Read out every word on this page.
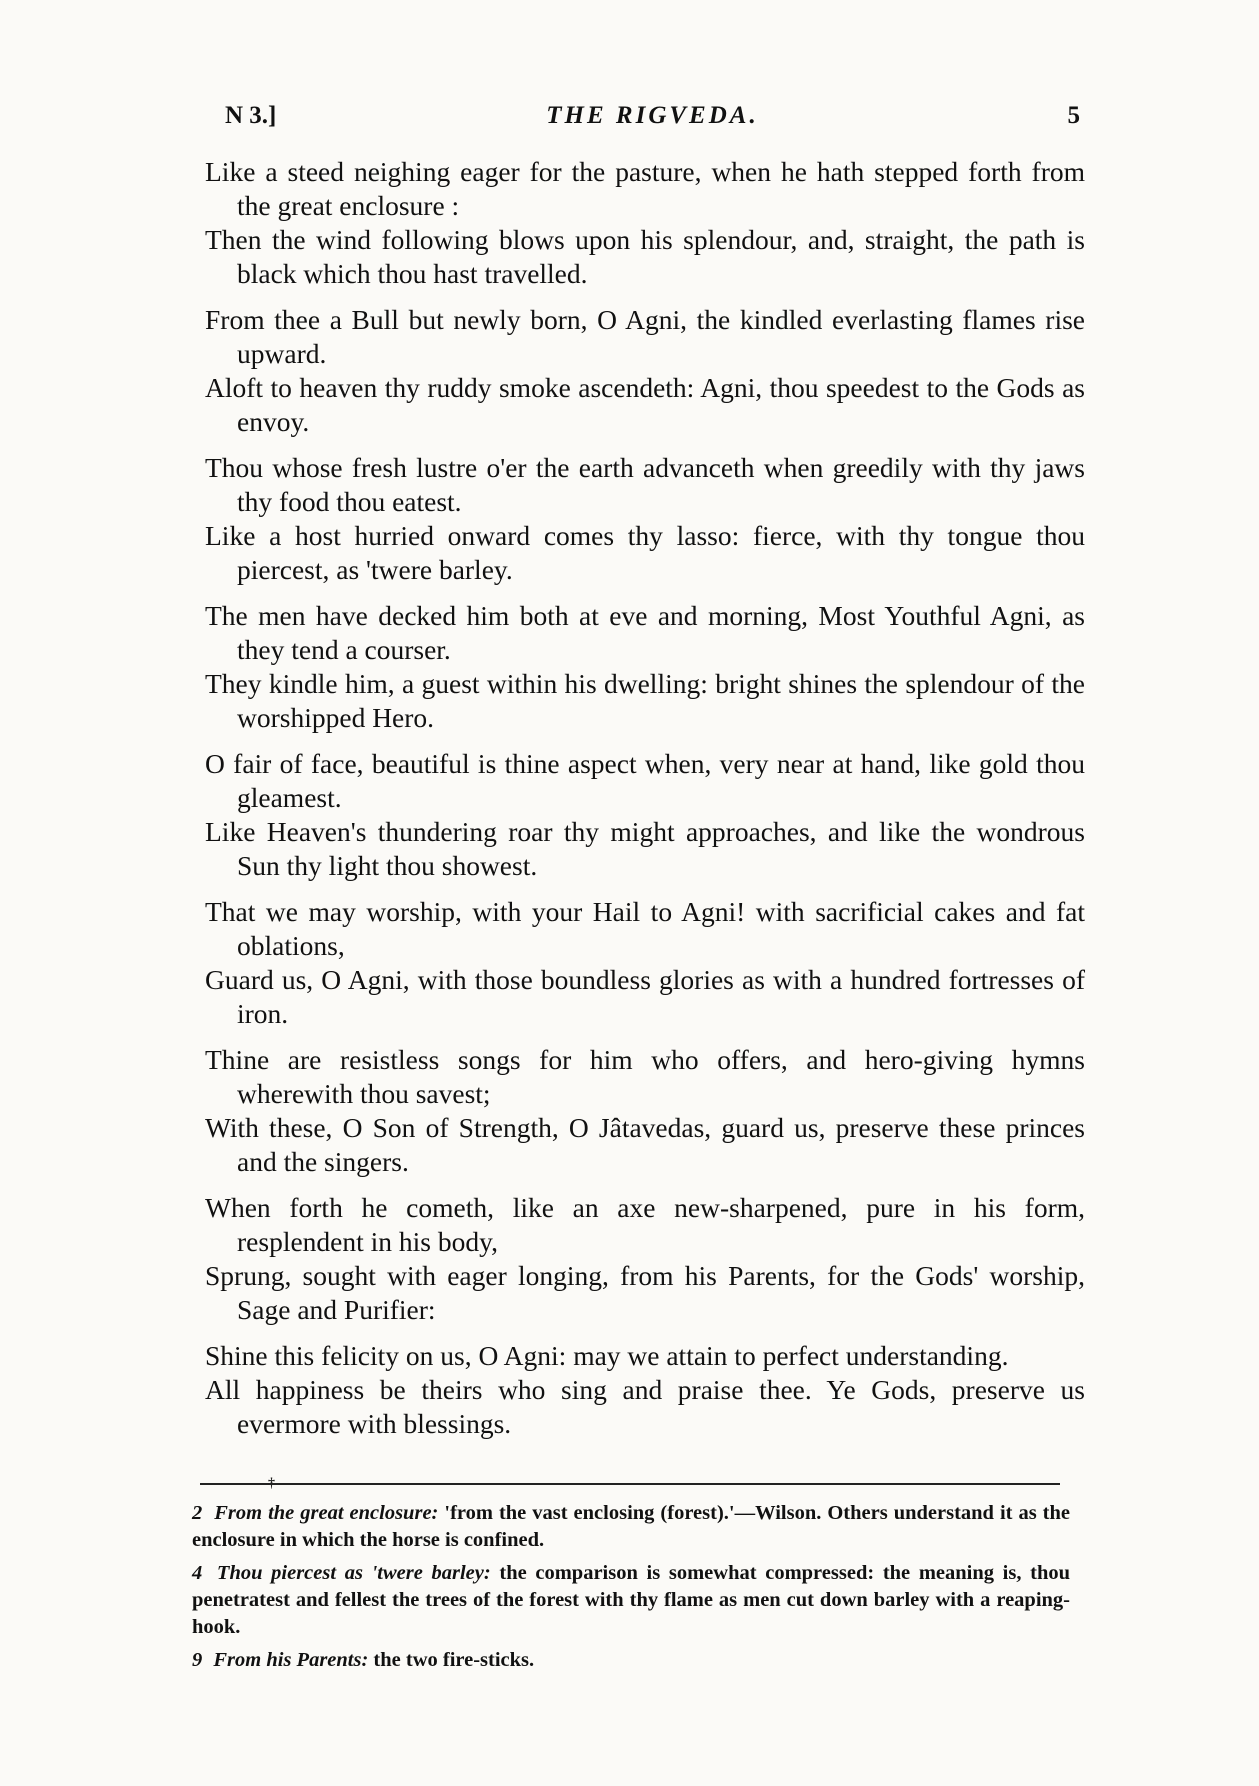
N 3.]	THE RIGVEDA.	5
Like a steed neighing eager for the pasture, when he hath stepped forth from the great enclosure :
Then the wind following blows upon his splendour, and, straight, the path is black which thou hast travelled.
From thee a Bull but newly born, O Agni, the kindled everlasting flames rise upward.
Aloft to heaven thy ruddy smoke ascendeth: Agni, thou speedest to the Gods as envoy.
Thou whose fresh lustre o'er the earth advanceth when greedily with thy jaws thy food thou eatest.
Like a host hurried onward comes thy lasso: fierce, with thy tongue thou piercest, as 'twere barley.
The men have decked him both at eve and morning, Most Youthful Agni, as they tend a courser.
They kindle him, a guest within his dwelling: bright shines the splendour of the worshipped Hero.
O fair of face, beautiful is thine aspect when, very near at hand, like gold thou gleamest.
Like Heaven's thundering roar thy might approaches, and like the wondrous Sun thy light thou showest.
That we may worship, with your Hail to Agni! with sacrificial cakes and fat oblations,
Guard us, O Agni, with those boundless glories as with a hundred fortresses of iron.
Thine are resistless songs for him who offers, and hero-giving hymns wherewith thou savest;
With these, O Son of Strength, O Jâtavedas, guard us, preserve these princes and the singers.
When forth he cometh, like an axe new-sharpened, pure in his form, resplendent in his body,
Sprung, sought with eager longing, from his Parents, for the Gods' worship, Sage and Purifier:
Shine this felicity on us, O Agni: may we attain to perfect understanding.
All happiness be theirs who sing and praise thee. Ye Gods, preserve us evermore with blessings.
†
2 From the great enclosure: 'from the vast enclosing (forest).'—Wilson. Others understand it as the enclosure in which the horse is confined.
4 Thou piercest as 'twere barley: the comparison is somewhat compressed: the meaning is, thou penetratest and fellest the trees of the forest with thy flame as men cut down barley with a reaping-hook.
9 From his Parents: the two fire-sticks.
